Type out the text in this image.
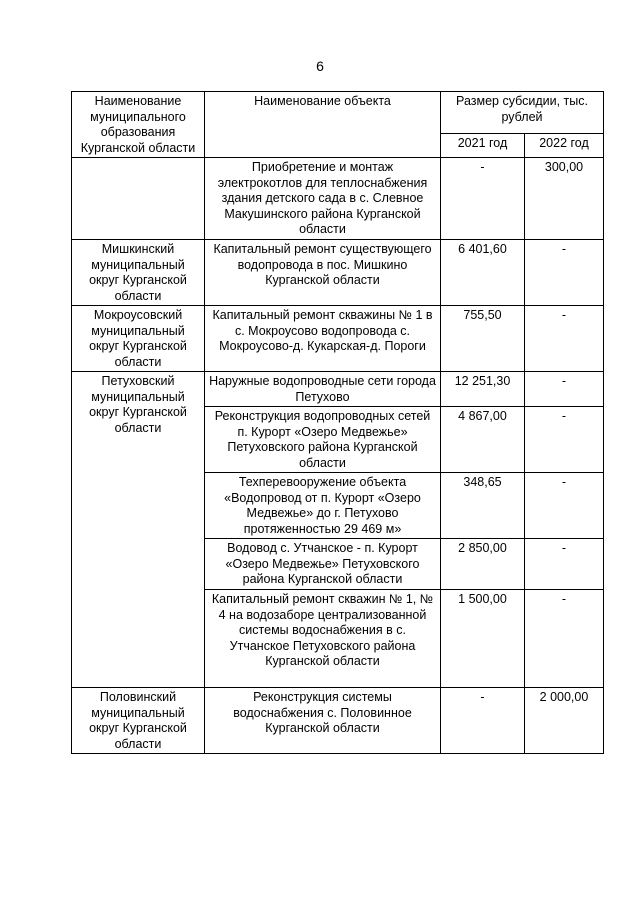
6
Наименование муниципального образования Курганской области	Наименование объекта	Размер субсидии, тыс. рублей	
		2021 год	2022 год
	Приобретение и монтаж электрокотлов для теплоснабжения здания детского сада в с. Слевное Макушинского района Курганской области	-	300,00
Мишкинский муниципальный округ Курганской области	Капитальный ремонт существующего водопровода в пос. Мишкино Курганской области	6 401,60	-
Мокроусовский муниципальный округ Курганской области	Капитальный ремонт скважины № 1 в с. Мокроусово водопровода с. Мокроусово-д. Кукарская-д. Пороги	755,50	-
Петуховский муниципальный округ Курганской области	Наружные водопроводные сети города Петухово	12 251,30	-
	Реконструкция водопроводных сетей п. Курорт «Озеро Медвежье» Петуховского района Курганской области	4 867,00	-
	Техперевооружение объекта «Водопровод от п. Курорт «Озеро Медвежье» до г. Петухово протяженностью 29 469 м»	348,65	-
	Водовод с. Утчанское - п. Курорт «Озеро Медвежье» Петуховского района Курганской области	2 850,00	-
	Капитальный ремонт скважин № 1, № 4 на водозаборе централизованной системы водоснабжения в с. Утчанское Петуховского района Курганской области	1 500,00	-
Половинский муниципальный округ Курганской области	Реконструкция системы водоснабжения с. Половинное Курганской области	-	2 000,00
